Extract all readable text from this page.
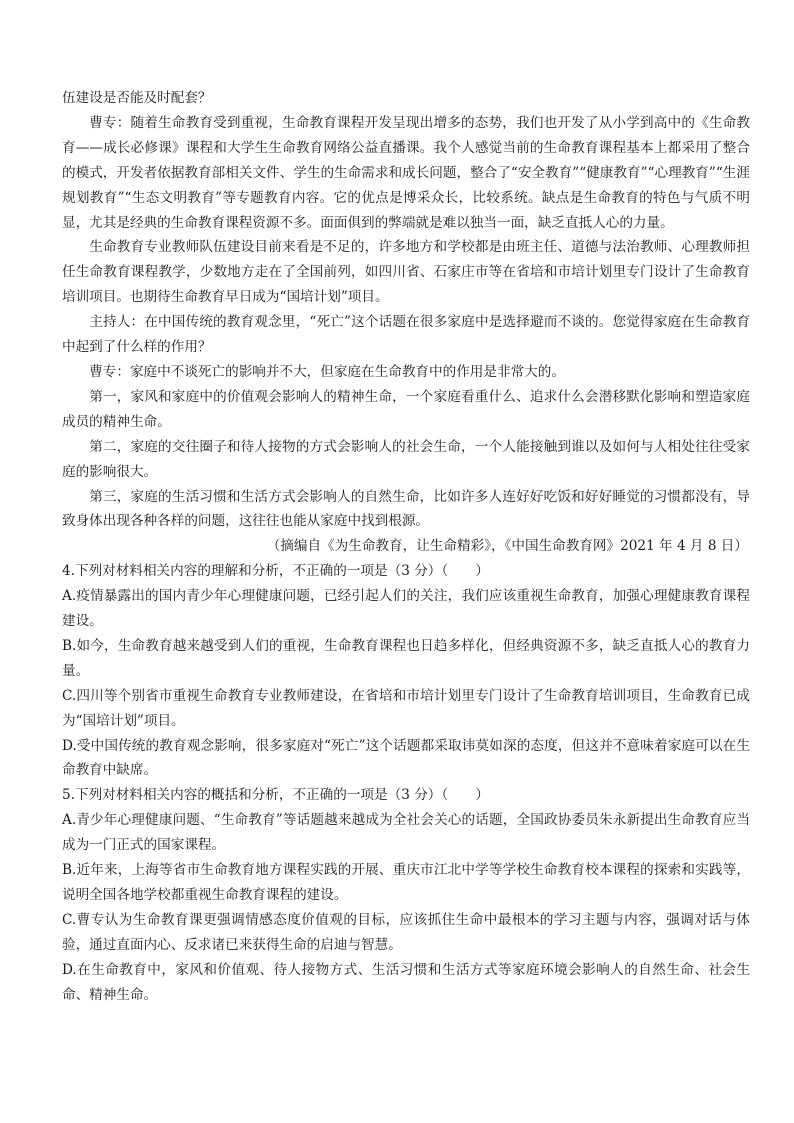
伍建设是否能及时配套？

曹专：随着生命教育受到重视，生命教育课程开发呈现出增多的态势，我们也开发了从小学到高中的《生命教育——成长必修课》课程和大学生生命教育网络公益直播课。我个人感觉当前的生命教育课程基本上都采用了整合的模式，开发者依据教育部相关文件、学生的生命需求和成长问题，整合了“安全教育”“健康教育”“心理教育”“生涯规划教育”“生态文明教育”等专题教育内容。它的优点是博采众长，比较系统。缺点是生命教育的特色与气质不明显，尤其是经典的生命教育课程资源不多。面面俱到的弊端就是难以独当一面，缺乏直抵人心的力量。

生命教育专业教师队伍建设目前来看是不足的，许多地方和学校都是由班主任、道德与法治教师、心理教师担任生命教育课程教学，少数地方走在了全国前列，如四川省、石家庄市等在省培和市培计划里专门设计了生命教育培训项目。也期待生命教育早日成为“国培计划”项目。

主持人：在中国传统的教育观念里，“死亡”这个话题在很多家庭中是选择避而不谈的。您觉得家庭在生命教育中起到了什么样的作用？

曹专：家庭中不谈死亡的影响并不大，但家庭在生命教育中的作用是非常大的。

第一，家风和家庭中的价值观会影响人的精神生命，一个家庭看重什么、追求什么会潜移默化影响和塑造家庭成员的精神生命。

第二，家庭的交往圈子和待人接物的方式会影响人的社会生命，一个人能接触到谁以及如何与人相处往往受家庭的影响很大。

第三，家庭的生活习惯和生活方式会影响人的自然生命，比如许多人连好好吃饭和好好睡觉的习惯都没有，导致身体出现各种各样的问题，这往往也能从家庭中找到根源。

（摘编自《为生命教育，让生命精彩》，《中国生命教育网》2021 年 4 月 8 日）

4.下列对材料相关内容的理解和分析，不正确的一项是（3 分）（　　）

A.疫情暴露出的国内青少年心理健康问题，已经引起人们的关注，我们应该重视生命教育，加强心理健康教育课程建设。

B.如今，生命教育越来越受到人们的重视，生命教育课程也日趋多样化，但经典资源不多，缺乏直抵人心的教育力量。

C.四川等个别省市重视生命教育专业教师建设，在省培和市培计划里专门设计了生命教育培训项目，生命教育已成为“国培计划”项目。

D.受中国传统的教育观念影响，很多家庭对“死亡”这个话题都采取讳莫如深的态度，但这并不意味着家庭可以在生命教育中缺席。

5.下列对材料相关内容的概括和分析，不正确的一项是（3 分）（　　）

A.青少年心理健康问题、“生命教育”等话题越来越成为全社会关心的话题，全国政协委员朱永新提出生命教育应当成为一门正式的国家课程。

B.近年来，上海等省市生命教育地方课程实践的开展、重庆市江北中学等学校生命教育校本课程的探索和实践等，说明全国各地学校都重视生命教育课程的建设。

C.曹专认为生命教育课更强调情感态度价值观的目标，应该抓住生命中最根本的学习主题与内容，强调对话与体验，通过直面内心、反求诸已来获得生命的启迪与智慧。

D.在生命教育中，家风和价值观、待人接物方式、生活习惯和生活方式等家庭环境会影响人的自然生命、社会生命、精神生命。
